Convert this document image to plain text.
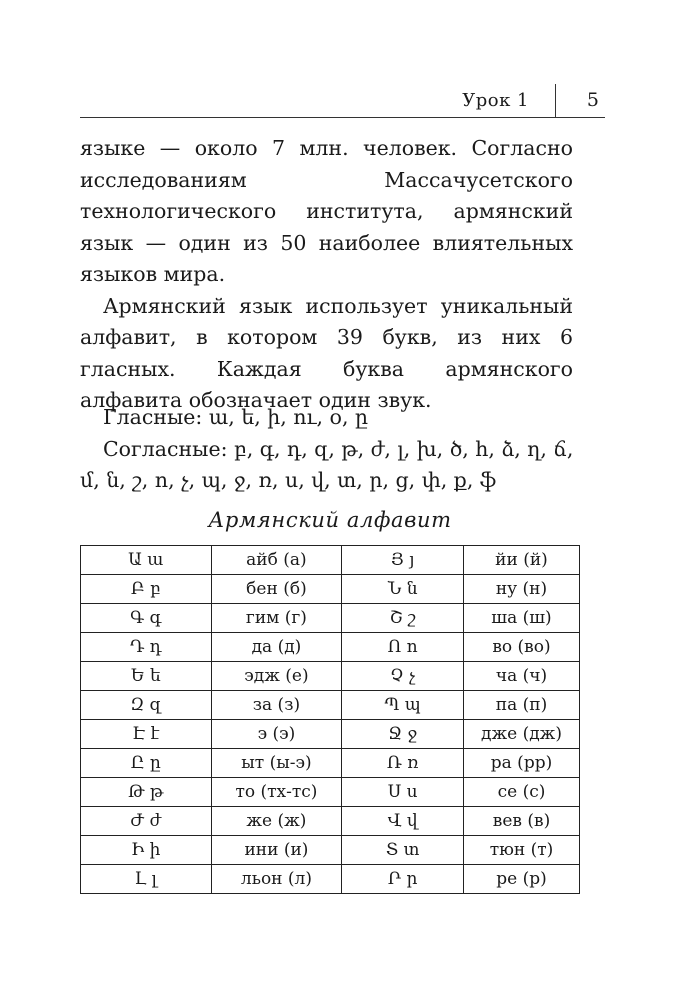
Урок 1	5

языке — около 7 млн. человек. Согласно исследованиям Массачусетского технологического института, армянский язык — один из 50 наиболее влиятельных языков мира.

Армянский язык использует уникальный алфавит, в котором 39 букв, из них 6 гласных. Каждая буква армянского алфавита обозначает один звук.

Гласные: ա, ե, ի, ու, օ, ը

Согласные: բ, գ, դ, զ, թ, ժ, լ, խ, ծ, հ, ձ, ղ, ճ, մ, ն, շ, ո, չ, պ, ջ, ռ, ս, վ, տ, ր, ց, փ, ք, ֆ

Армянский алфавит
Ա ա	айб (а)	Յ յ	йи (й)
Բ բ	бен (б)	Ն ն	ну (н)
Գ գ	гим (г)	Շ շ	ша (ш)
Դ դ	да (д)	Ո ո	во (во)
Ե ե	эдж (е)	Չ չ	ча (ч)
Զ զ	за (з)	Պ պ	па (п)
Է է	э (э)	Ջ ջ	дже (дж)
Ը ը	ыт (ы-э)	Ռ ռ	ра (рр)
Թ թ	то (тх-тс)	Ս ս	се (с)
Ժ ժ	же (ж)	Վ վ	вев (в)
Ի ի	ини (и)	Տ տ	тюн (т)
Լ լ	льон (л)	Ր ր	ре (р)
